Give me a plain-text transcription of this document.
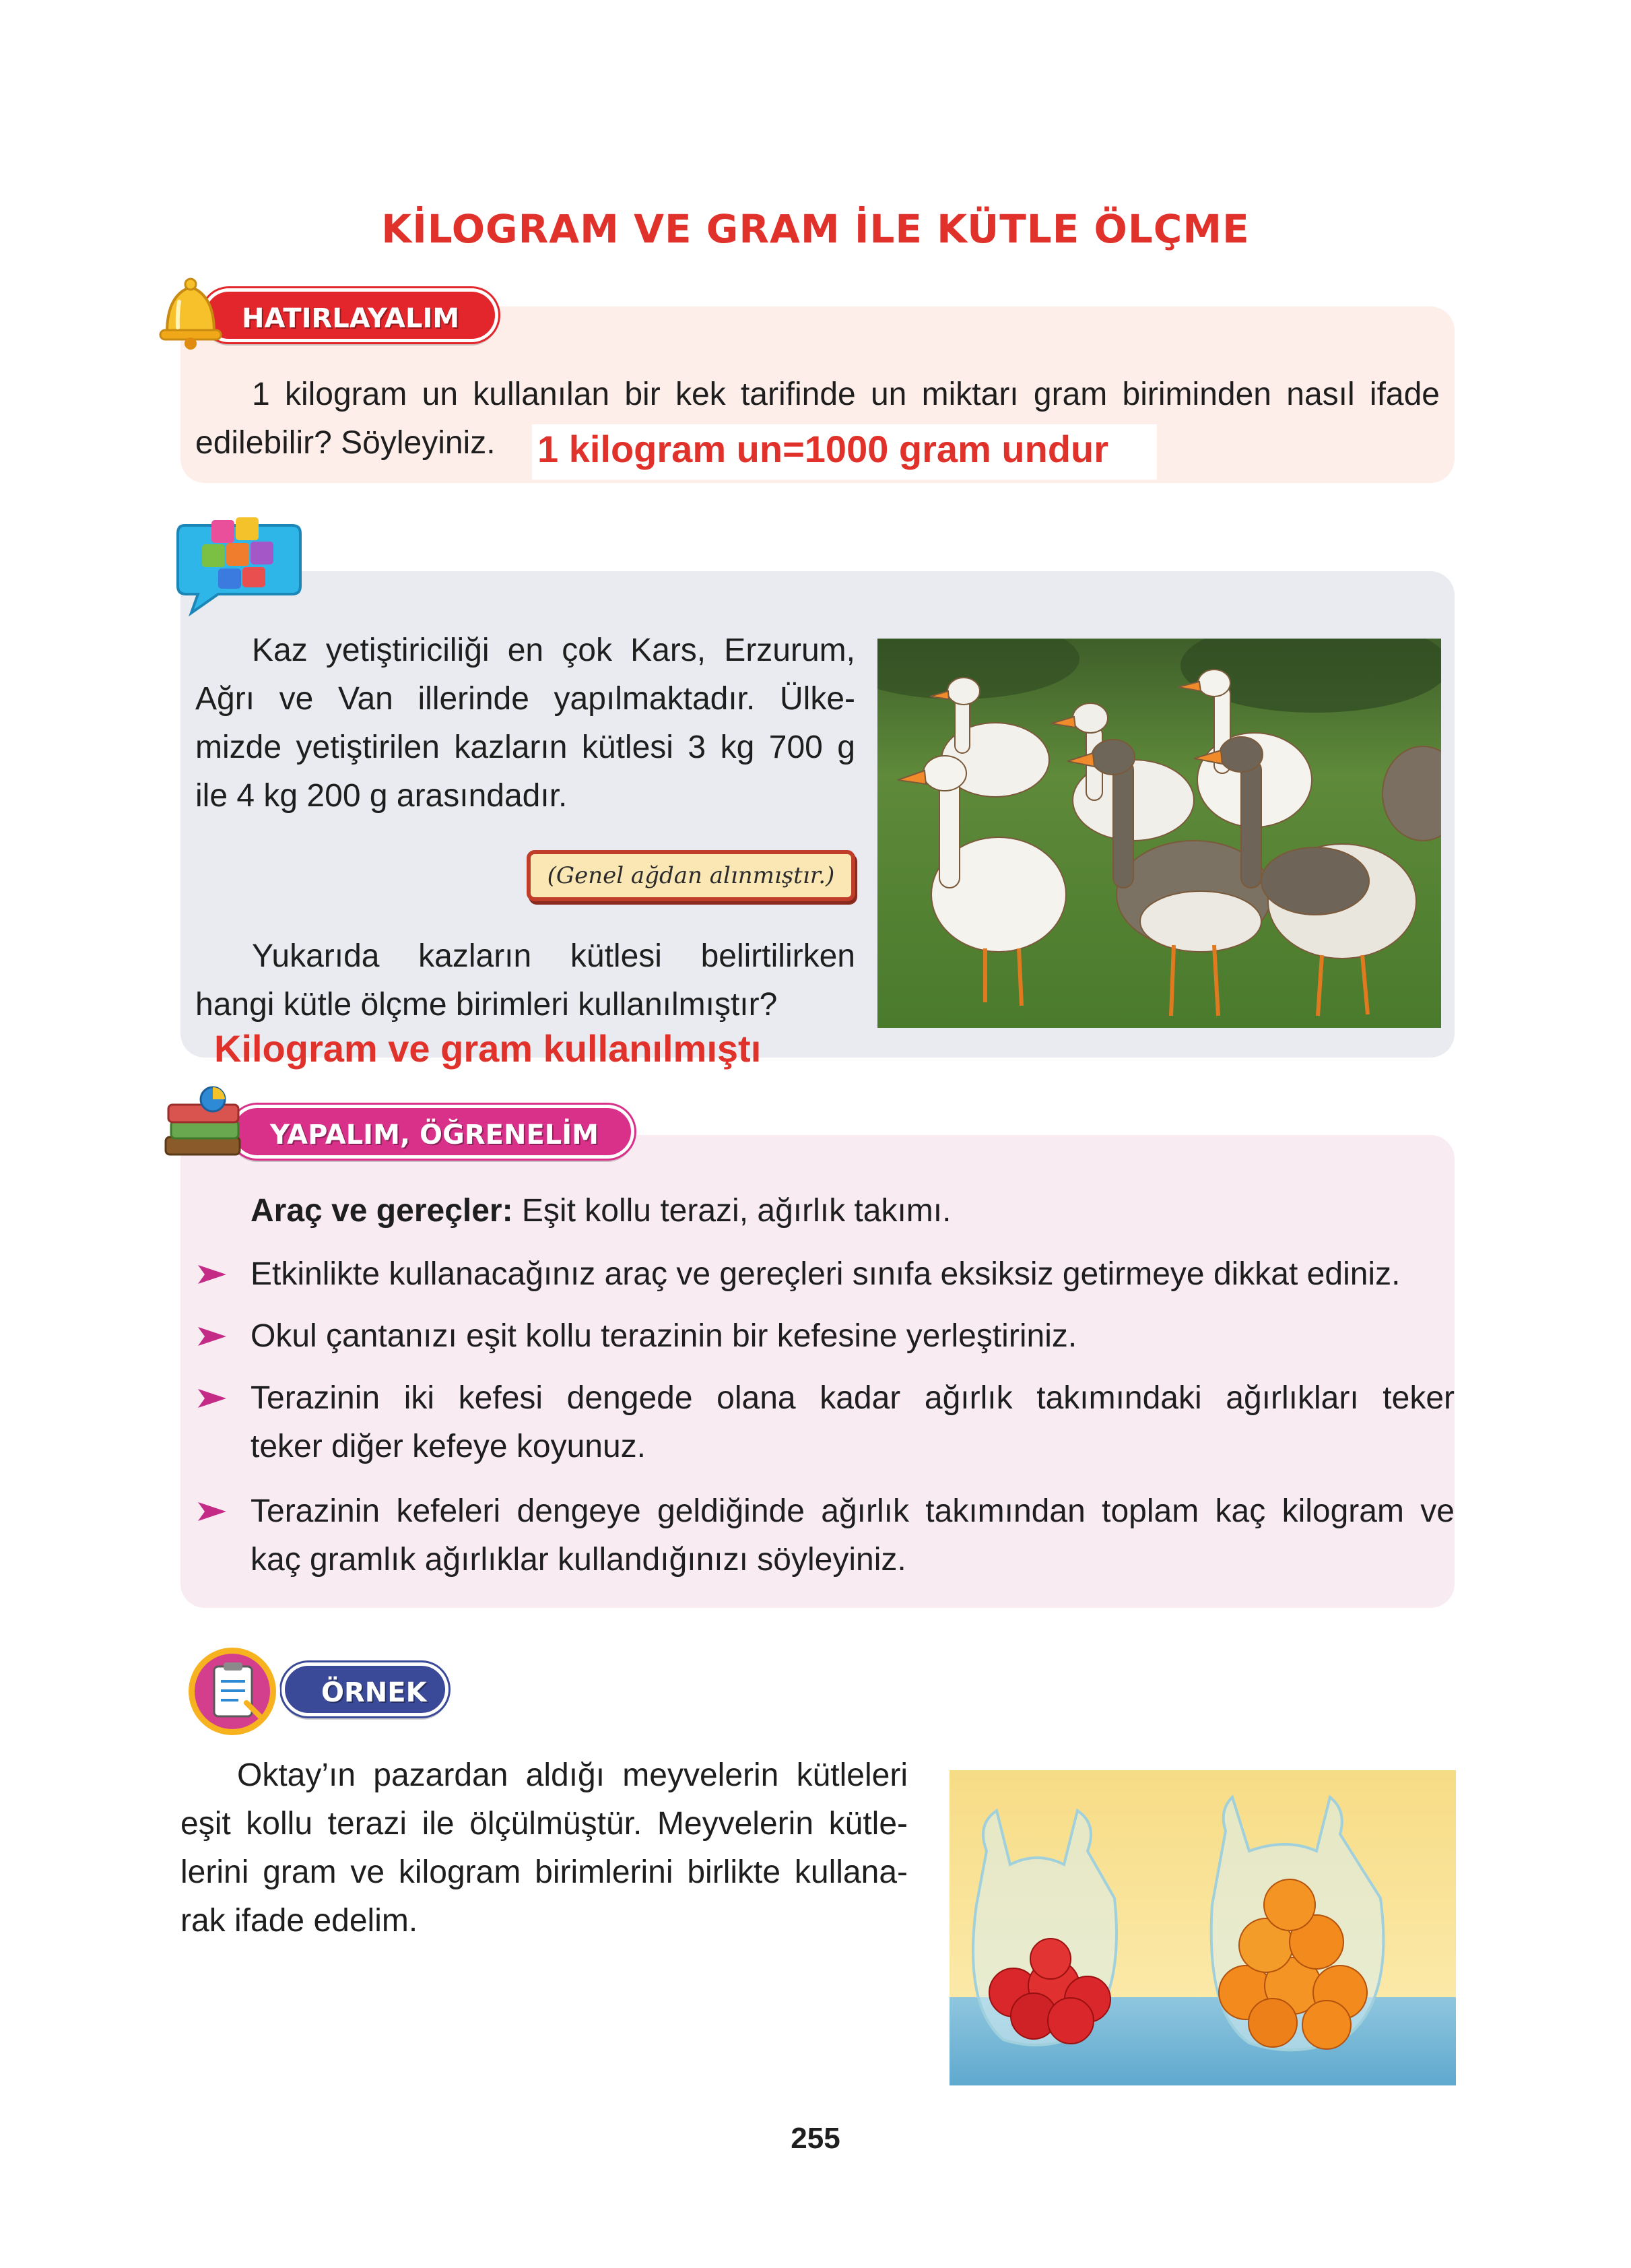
KİLOGRAM VE GRAM İLE KÜTLE ÖLÇME
HATIRLAYALIM
1 kilogram un kullanılan bir kek tarifinde un miktarı gram biriminden nasıl ifade
edilebilir? Söyleyiniz.	1 kilogram un=1000 gram undur
Kaz yetiştiriciliği en çok Kars, Erzurum,
Ağrı ve Van illerinde yapılmaktadır. Ülke-
mizde yetiştirilen kazların kütlesi 3 kg 700 g
ile 4 kg 200 g arasındadır.
(Genel ağdan alınmıştır.)
Yukarıda kazların kütlesi belirtilirken
hangi kütle ölçme birimleri kullanılmıştır?
Kilogram ve gram kullanılmıştı
YAPALIM, ÖĞRENELİM
Araç ve gereçler: Eşit kollu terazi, ağırlık takımı.
Etkinlikte kullanacağınız araç ve gereçleri sınıfa eksiksiz getirmeye dikkat ediniz.
Okul çantanızı eşit kollu terazinin bir kefesine yerleştiriniz.
Terazinin iki kefesi dengede olana kadar ağırlık takımındaki ağırlıkları teker
teker diğer kefeye koyunuz.
Terazinin kefeleri dengeye geldiğinde ağırlık takımından toplam kaç kilogram ve
kaç gramlık ağırlıklar kullandığınızı söyleyiniz.
ÖRNEK
Oktay’ın pazardan aldığı meyvelerin kütleleri
eşit kollu terazi ile ölçülmüştür. Meyvelerin kütle-
lerini gram ve kilogram birimlerini birlikte kullana-
rak ifade edelim.
255
